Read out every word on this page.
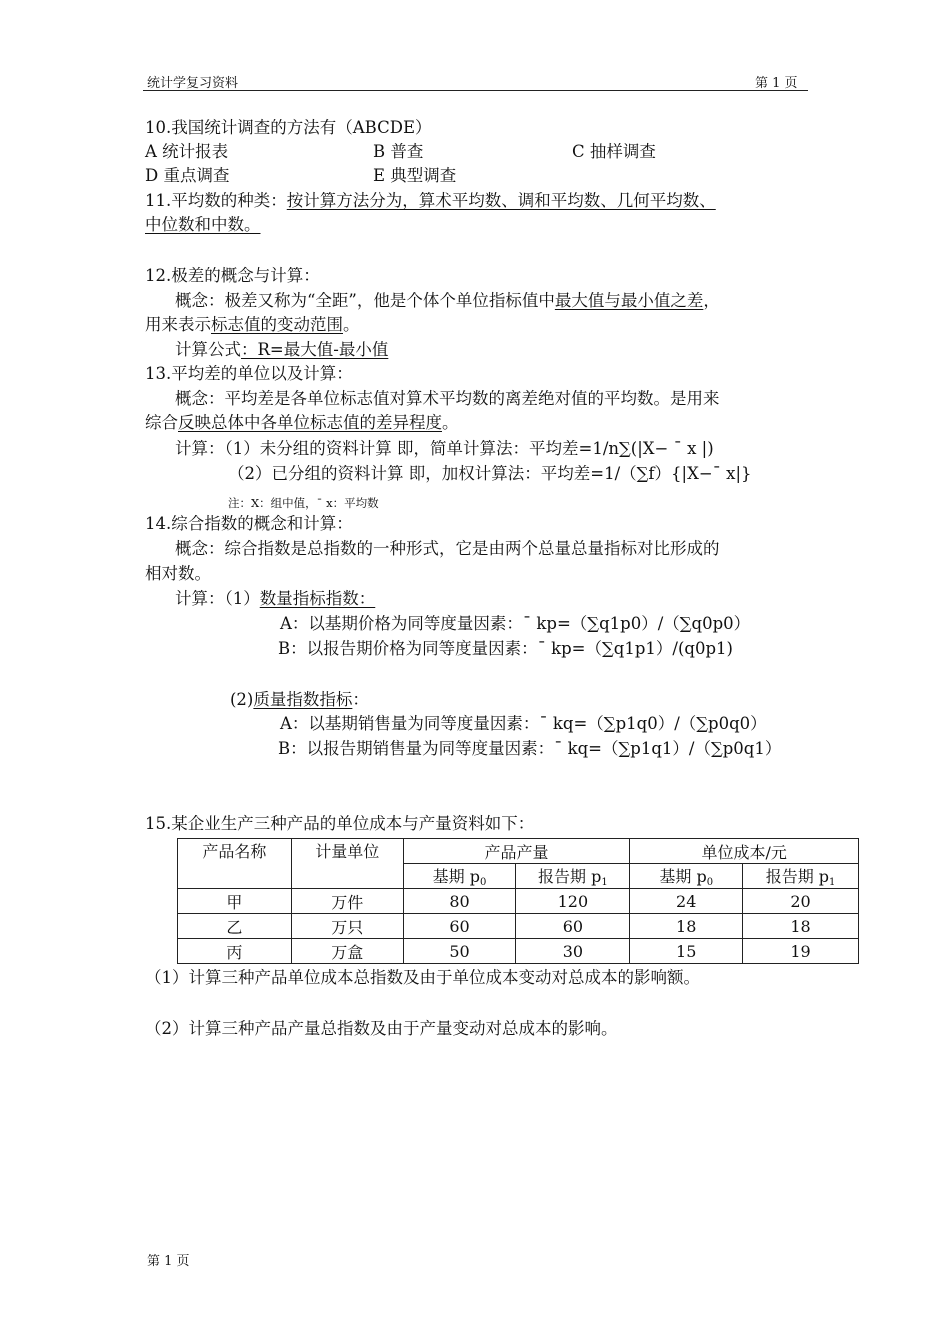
统计学复习资料	第 1 页
10.我国统计调查的方法有（ABCDE）
A 统计报表	B 普查	C 抽样调查
D 重点调查	E 典型调查
11.平均数的种类：按计算方法分为，算术平均数、调和平均数、几何平均数、
中位数和中数。
12.极差的概念与计算：
概念：极差又称为“全距”，他是个体个单位指标值中最大值与最小值之差，
用来表示标志值的变动范围。
计算公式：R=最大值-最小值
13.平均差的单位以及计算：
概念：平均差是各单位标志值对算术平均数的离差绝对值的平均数。是用来
综合反映总体中各单位标志值的差异程度。
计算：（1）未分组的资料计算 即，简单计算法：平均差=1/n∑(|X− ¯ x |)
（2）已分组的资料计算 即，加权计算法：平均差=1/（∑f）{|X−¯ x|}
注：X：组中值，¯ x：平均数
14.综合指数的概念和计算：
概念：综合指数是总指数的一种形式，它是由两个总量总量指标对比形成的
相对数。
计算：（1）数量指标指数：
A：以基期价格为同等度量因素：¯ kp=（∑q1p0）/（∑q0p0）
B：以报告期价格为同等度量因素：¯ kp=（∑q1p1）/(q0p1)
(2)质量指数指标：
A：以基期销售量为同等度量因素：¯ kq=（∑p1q0）/（∑p0q0）
B：以报告期销售量为同等度量因素：¯ kq=（∑p1q1）/（∑p0q1）
15.某企业生产三种产品的单位成本与产量资料如下：
产品名称	计量单位	产品产量		单位成本/元	
		基期 $p_0$	报告期 $p_1$	基期 $p_0$	报告期 $p_1$
甲	万件	80	120	24	20
乙	万只	60	60	18	18
丙	万盒	50	30	15	19
（1）计算三种产品单位成本总指数及由于单位成本变动对总成本的影响额。
（2）计算三种产品产量总指数及由于产量变动对总成本的影响。
第 1 页
